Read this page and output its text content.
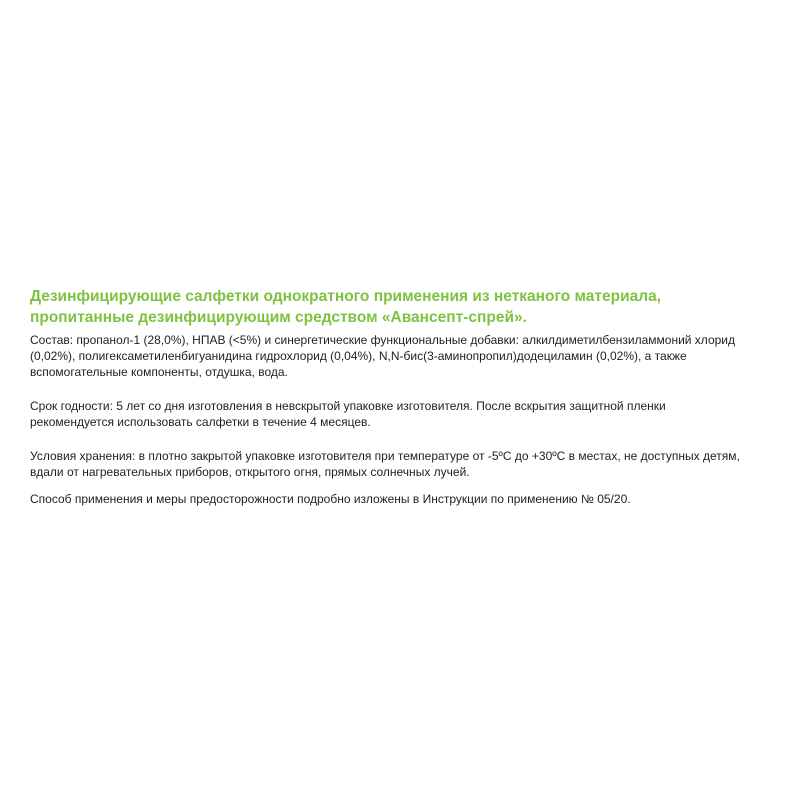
Дезинфицирующие салфетки однократного применения из нетканого материала,
пропитанные дезинфицирующим средством «Авансепт-спрей».

Состав: пропанол-1 (28,0%), НПАВ (<5%) и синергетические функциональные добавки: алкилдиметилбензиламмоний хлорид
(0,02%), полигексаметиленбигуанидина гидрохлорид (0,04%), N,N-бис(3-аминопропил)додециламин (0,02%), а также
вспомогательные компоненты, отдушка, вода.

Срок годности: 5 лет со дня изготовления в невскрытой упаковке изготовителя. После вскрытия защитной пленки
рекомендуется использовать салфетки в течение 4 месяцев.

Условия хранения: в плотно закрытой упаковке изготовителя при температуре от -5ºC до +30ºC в местах, не доступных детям,
вдали от нагревательных приборов, открытого огня, прямых солнечных лучей.

Способ применения и меры предосторожности подробно изложены в Инструкции по применению № 05/20.
